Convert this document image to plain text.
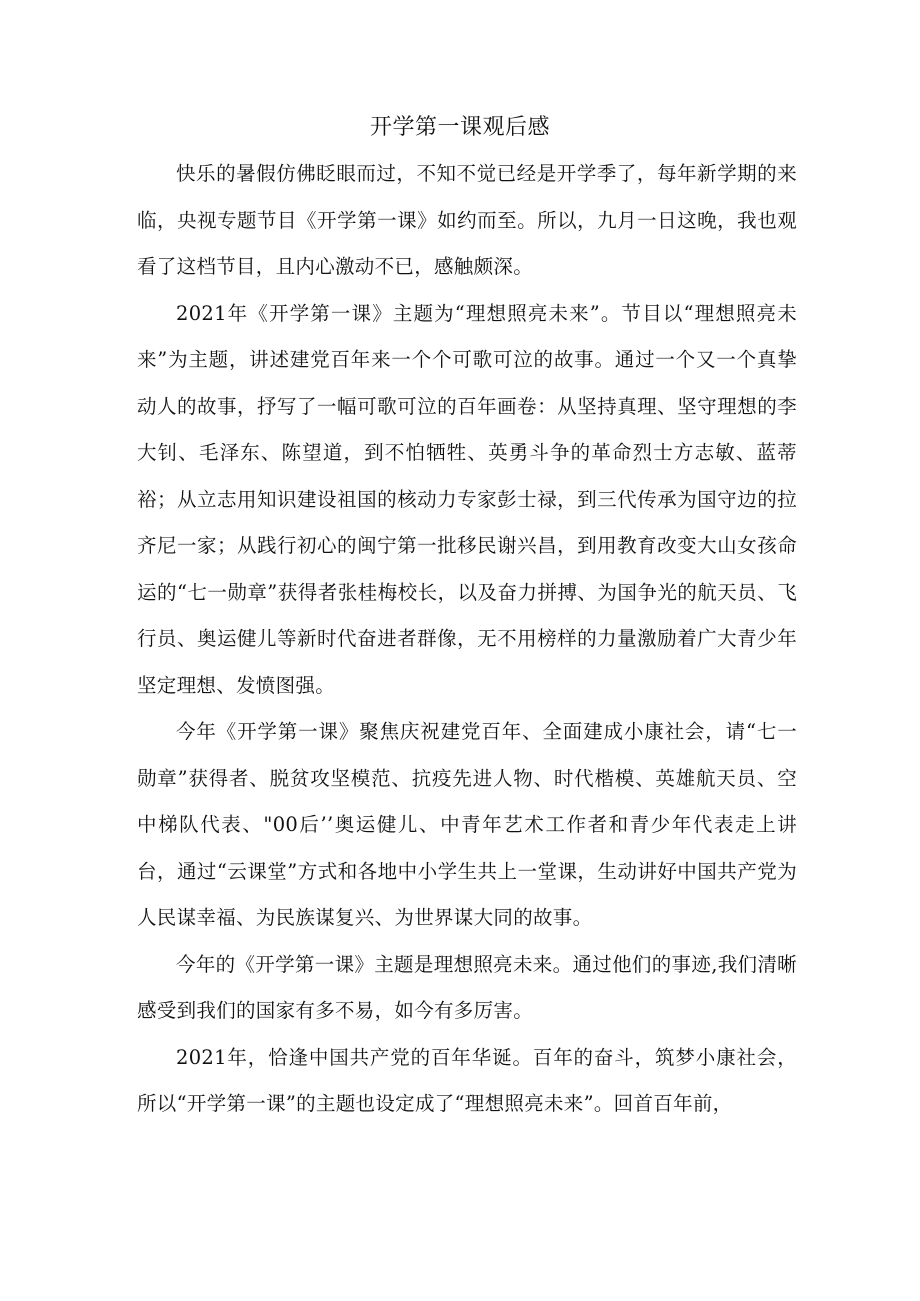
开学第一课观后感

快乐的暑假仿佛眨眼而过，不知不觉已经是开学季了，每年新学期的来临，央视专题节目《开学第一课》如约而至。所以，九月一日这晚，我也观看了这档节目，且内心激动不已，感触颇深。

2021年《开学第一课》主题为“理想照亮未来”。节目以“理想照亮未来”为主题，讲述建党百年来一个个可歌可泣的故事。通过一个又一个真挚动人的故事，抒写了一幅可歌可泣的百年画卷：从坚持真理、坚守理想的李大钊、毛泽东、陈望道，到不怕牺牲、英勇斗争的革命烈士方志敏、蓝蒂裕；从立志用知识建设祖国的核动力专家彭士禄，到三代传承为国守边的拉齐尼一家；从践行初心的闽宁第一批移民谢兴昌，到用教育改变大山女孩命运的“七一勋章”获得者张桂梅校长，以及奋力拼搏、为国争光的航天员、飞行员、奥运健儿等新时代奋进者群像，无不用榜样的力量激励着广大青少年坚定理想、发愤图强。

今年《开学第一课》聚焦庆祝建党百年、全面建成小康社会，请“七一勋章”获得者、脱贫攻坚模范、抗疫先进人物、时代楷模、英雄航天员、空中梯队代表、"00后’’奥运健儿、中青年艺术工作者和青少年代表走上讲台，通过“云课堂”方式和各地中小学生共上一堂课，生动讲好中国共产党为人民谋幸福、为民族谋复兴、为世界谋大同的故事。

今年的《开学第一课》主题是理想照亮未来。通过他们的事迹,我们清晰感受到我们的国家有多不易，如今有多厉害。

2021年，恰逢中国共产党的百年华诞。百年的奋斗，筑梦小康社会，所以“开学第一课”的主题也设定成了“理想照亮未来”。回首百年前，
